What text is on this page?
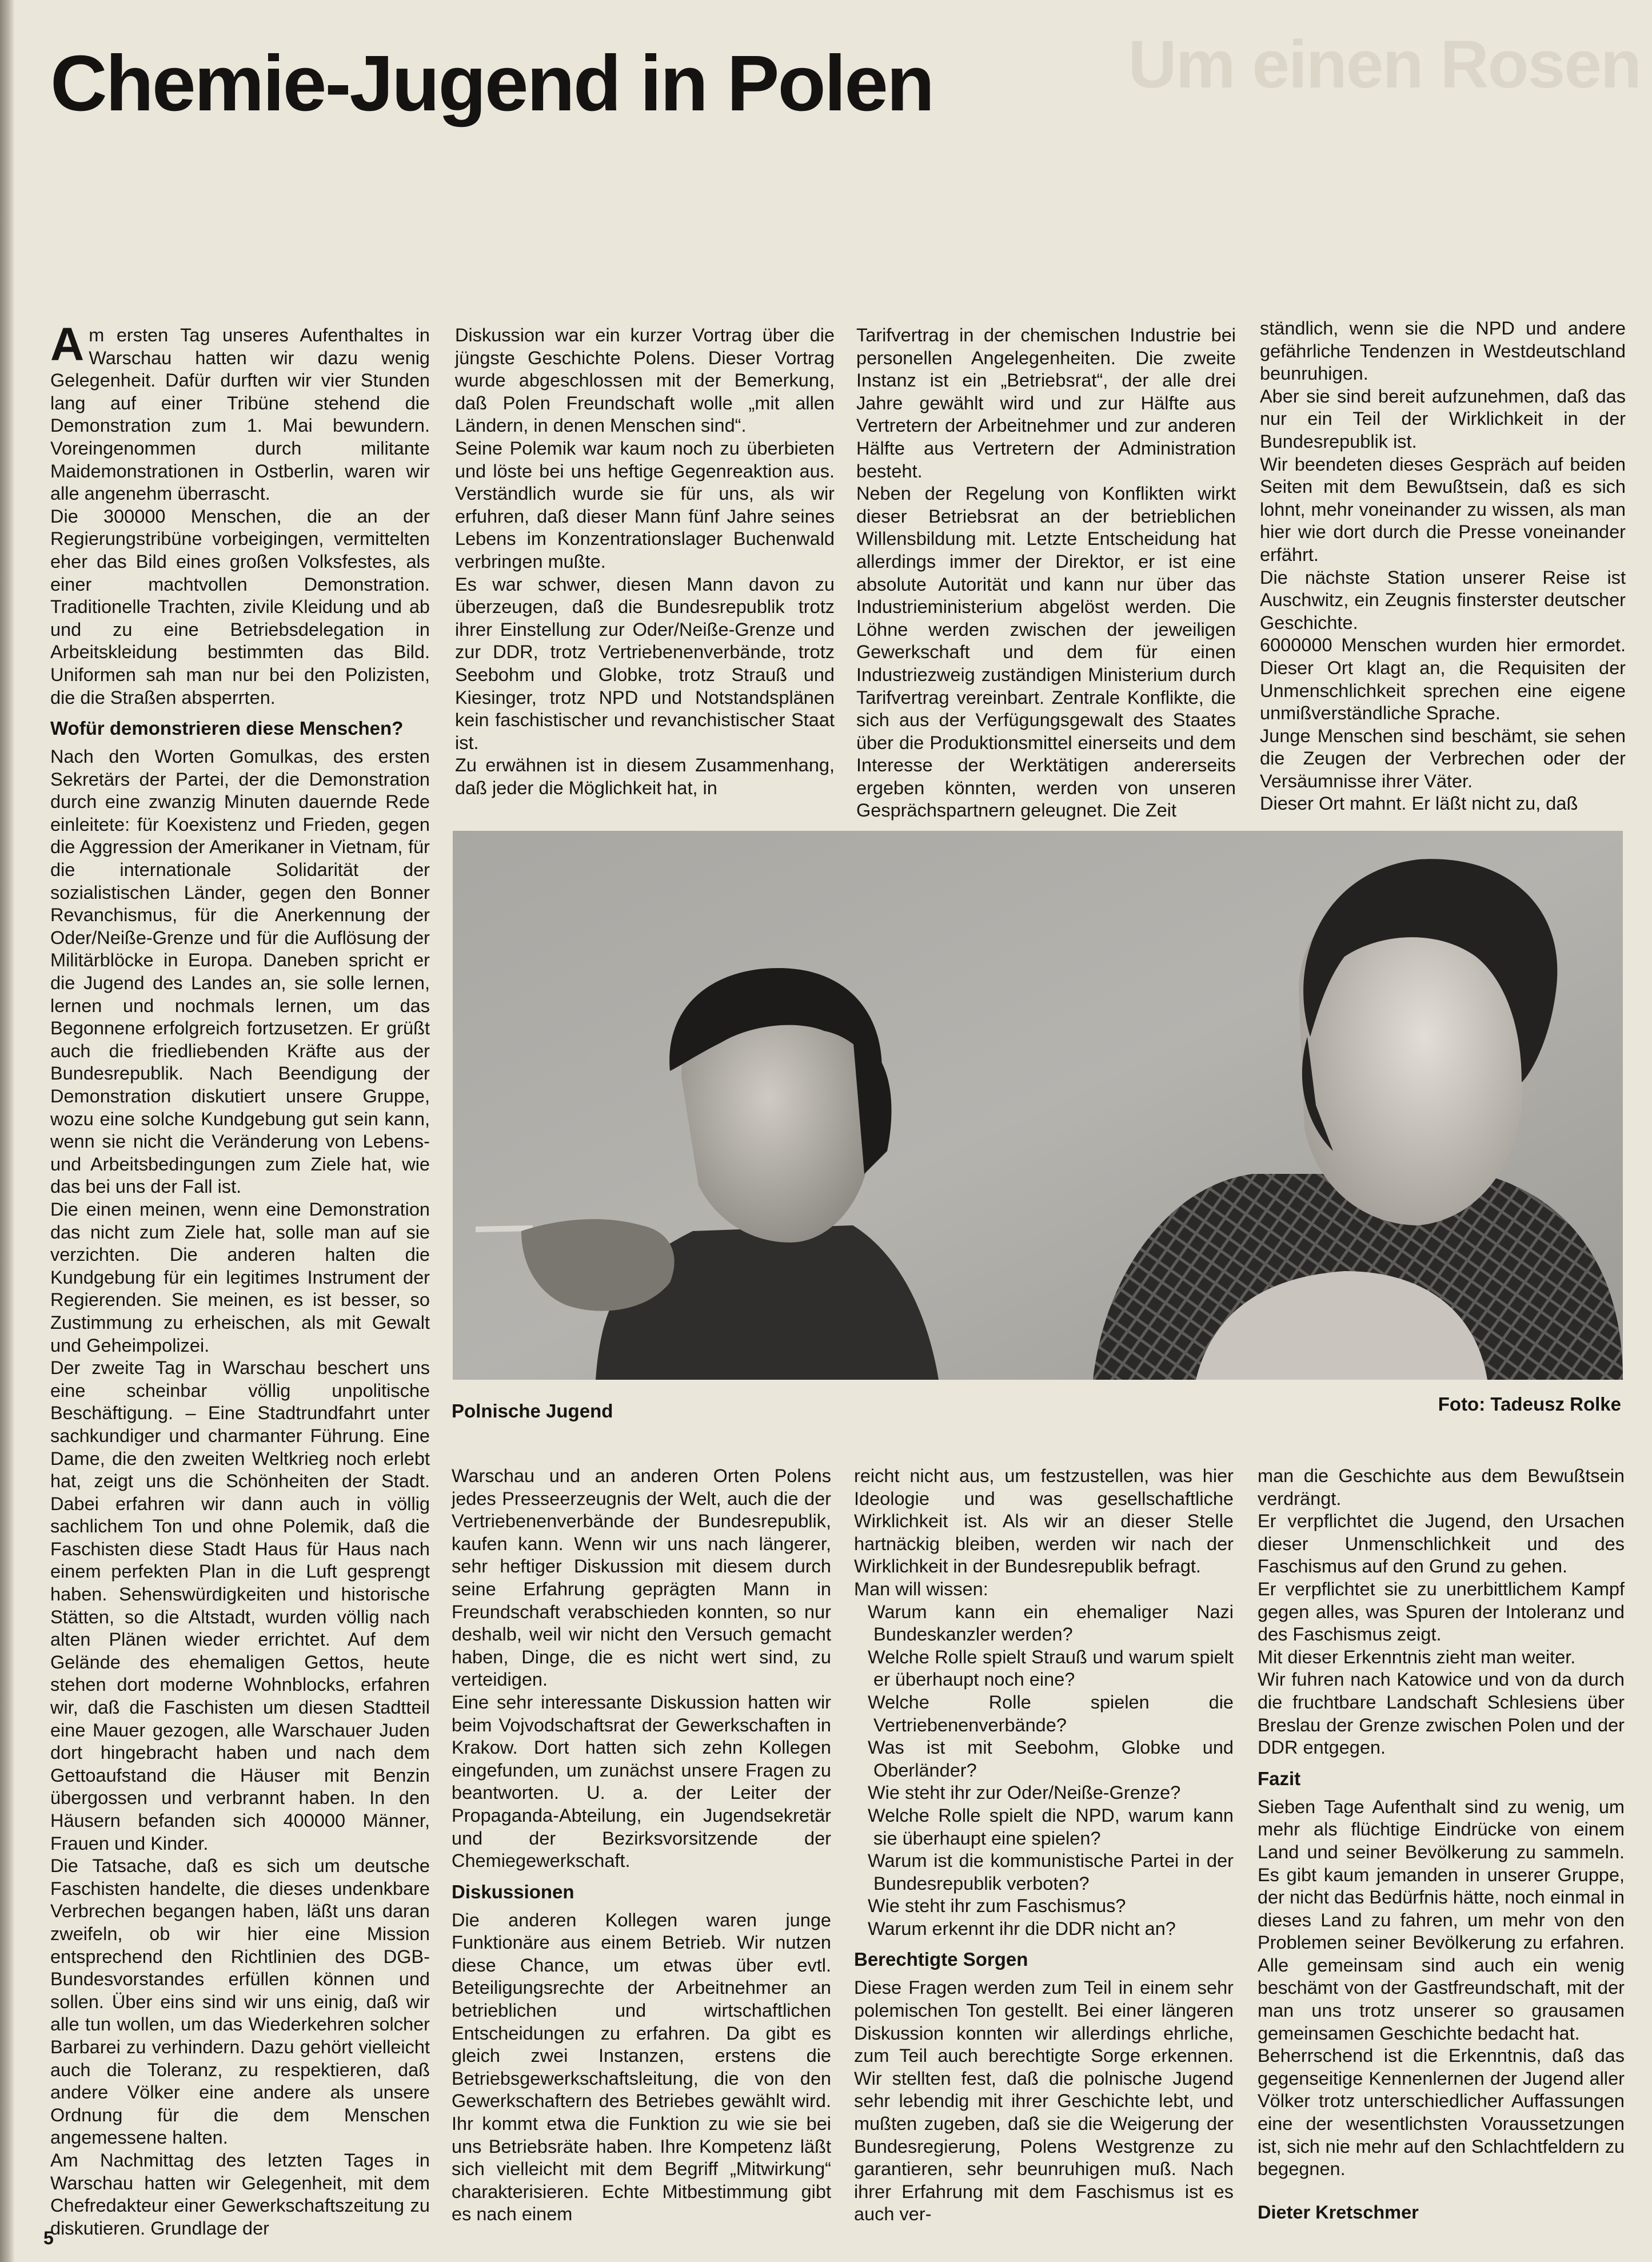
Um einen Rosen
Chemie-Jugend in Polen

Am ersten Tag unseres Aufenthaltes in Warschau hatten wir dazu wenig Gelegenheit. Dafür durften wir vier Stunden lang auf einer Tribüne stehend die Demonstration zum 1. Mai bewundern. Voreingenommen durch militante Maidemonstrationen in Ostberlin, waren wir alle angenehm überrascht.

Die 300000 Menschen, die an der Regierungstribüne vorbeigingen, vermittelten eher das Bild eines großen Volksfestes, als einer machtvollen Demonstration. Traditionelle Trachten, zivile Kleidung und ab und zu eine Betriebsdelegation in Arbeitskleidung bestimmten das Bild. Uniformen sah man nur bei den Polizisten, die die Straßen absperrten.

Wofür demonstrieren diese Menschen?

Nach den Worten Gomulkas, des ersten Sekretärs der Partei, der die Demonstration durch eine zwanzig Minuten dauernde Rede einleitete: für Koexistenz und Frieden, gegen die Aggression der Amerikaner in Vietnam, für die internationale Solidarität der sozialistischen Länder, gegen den Bonner Revanchismus, für die Anerkennung der Oder/Neiße-Grenze und für die Auflösung der Militärblöcke in Europa. Daneben spricht er die Jugend des Landes an, sie solle lernen, lernen und nochmals lernen, um das Begonnene erfolgreich fortzusetzen. Er grüßt auch die friedliebenden Kräfte aus der Bundesrepublik. Nach Beendigung der Demonstration diskutiert unsere Gruppe, wozu eine solche Kundgebung gut sein kann, wenn sie nicht die Veränderung von Lebens- und Arbeitsbedingungen zum Ziele hat, wie das bei uns der Fall ist.

Die einen meinen, wenn eine Demonstration das nicht zum Ziele hat, solle man auf sie verzichten. Die anderen halten die Kundgebung für ein legitimes Instrument der Regierenden. Sie meinen, es ist besser, so Zustimmung zu erheischen, als mit Gewalt und Geheimpolizei.

Der zweite Tag in Warschau beschert uns eine scheinbar völlig unpolitische Beschäftigung. – Eine Stadtrundfahrt unter sachkundiger und charmanter Führung. Eine Dame, die den zweiten Weltkrieg noch erlebt hat, zeigt uns die Schönheiten der Stadt. Dabei erfahren wir dann auch in völlig sachlichem Ton und ohne Polemik, daß die Faschisten diese Stadt Haus für Haus nach einem perfekten Plan in die Luft gesprengt haben. Sehenswürdigkeiten und historische Stätten, so die Altstadt, wurden völlig nach alten Plänen wieder errichtet. Auf dem Gelände des ehemaligen Gettos, heute stehen dort moderne Wohnblocks, erfahren wir, daß die Faschisten um diesen Stadtteil eine Mauer gezogen, alle Warschauer Juden dort hingebracht haben und nach dem Gettoaufstand die Häuser mit Benzin übergossen und verbrannt haben. In den Häusern befanden sich 400000 Männer, Frauen und Kinder.

Die Tatsache, daß es sich um deutsche Faschisten handelte, die dieses undenkbare Verbrechen begangen haben, läßt uns daran zweifeln, ob wir hier eine Mission entsprechend den Richtlinien des DGB-Bundesvorstandes erfüllen können und sollen. Über eins sind wir uns einig, daß wir alle tun wollen, um das Wiederkehren solcher Barbarei zu verhindern. Dazu gehört vielleicht auch die Toleranz, zu respektieren, daß andere Völker eine andere als unsere Ordnung für die dem Menschen angemessene halten.

Am Nachmittag des letzten Tages in Warschau hatten wir Gelegenheit, mit dem Chefredakteur einer Gewerkschaftszeitung zu diskutieren. Grundlage der

Diskussion war ein kurzer Vortrag über die jüngste Geschichte Polens. Dieser Vortrag wurde abgeschlossen mit der Bemerkung, daß Polen Freundschaft wolle „mit allen Ländern, in denen Menschen sind“.

Seine Polemik war kaum noch zu überbieten und löste bei uns heftige Gegenreaktion aus. Verständlich wurde sie für uns, als wir erfuhren, daß dieser Mann fünf Jahre seines Lebens im Konzentrationslager Buchenwald verbringen mußte.

Es war schwer, diesen Mann davon zu überzeugen, daß die Bundesrepublik trotz ihrer Einstellung zur Oder/Neiße-Grenze und zur DDR, trotz Vertriebenenverbände, trotz Seebohm und Globke, trotz Strauß und Kiesinger, trotz NPD und Notstandsplänen kein faschistischer und revanchistischer Staat ist.

Zu erwähnen ist in diesem Zusammenhang, daß jeder die Möglichkeit hat, in

Tarifvertrag in der chemischen Industrie bei personellen Angelegenheiten. Die zweite Instanz ist ein „Betriebsrat“, der alle drei Jahre gewählt wird und zur Hälfte aus Vertretern der Arbeitnehmer und zur anderen Hälfte aus Vertretern der Administration besteht.

Neben der Regelung von Konflikten wirkt dieser Betriebsrat an der betrieblichen Willensbildung mit. Letzte Entscheidung hat allerdings immer der Direktor, er ist eine absolute Autorität und kann nur über das Industrieministerium abgelöst werden. Die Löhne werden zwischen der jeweiligen Gewerkschaft und dem für einen Industriezweig zuständigen Ministerium durch Tarifvertrag vereinbart. Zentrale Konflikte, die sich aus der Verfügungsgewalt des Staates über die Produktionsmittel einerseits und dem Interesse der Werktätigen andererseits ergeben könnten, werden von unseren Gesprächspartnern geleugnet. Die Zeit

ständlich, wenn sie die NPD und andere gefährliche Tendenzen in Westdeutschland beunruhigen.

Aber sie sind bereit aufzunehmen, daß das nur ein Teil der Wirklichkeit in der Bundesrepublik ist.

Wir beendeten dieses Gespräch auf beiden Seiten mit dem Bewußtsein, daß es sich lohnt, mehr voneinander zu wissen, als man hier wie dort durch die Presse voneinander erfährt.

Die nächste Station unserer Reise ist Auschwitz, ein Zeugnis finsterster deutscher Geschichte.

6000000 Menschen wurden hier ermordet. Dieser Ort klagt an, die Requisiten der Unmenschlichkeit sprechen eine eigene unmißverständliche Sprache.

Junge Menschen sind beschämt, sie sehen die Zeugen der Verbrechen oder der Versäumnisse ihrer Väter.

Dieser Ort mahnt. Er läßt nicht zu, daß

Polnische Jugend	Foto: Tadeusz Rolke

Warschau und an anderen Orten Polens jedes Presseerzeugnis der Welt, auch die der Vertriebenenverbände der Bundesrepublik, kaufen kann. Wenn wir uns nach längerer, sehr heftiger Diskussion mit diesem durch seine Erfahrung geprägten Mann in Freundschaft verabschieden konnten, so nur deshalb, weil wir nicht den Versuch gemacht haben, Dinge, die es nicht wert sind, zu verteidigen.

Eine sehr interessante Diskussion hatten wir beim Vojvodschaftsrat der Gewerkschaften in Krakow. Dort hatten sich zehn Kollegen eingefunden, um zunächst unsere Fragen zu beantworten. U. a. der Leiter der Propaganda-Abteilung, ein Jugendsekretär und der Bezirksvorsitzende der Chemiegewerkschaft.

Diskussionen

Die anderen Kollegen waren junge Funktionäre aus einem Betrieb. Wir nutzen diese Chance, um etwas über evtl. Beteiligungsrechte der Arbeitnehmer an betrieblichen und wirtschaftlichen Entscheidungen zu erfahren. Da gibt es gleich zwei Instanzen, erstens die Betriebsgewerkschaftsleitung, die von den Gewerkschaftern des Betriebes gewählt wird. Ihr kommt etwa die Funktion zu wie sie bei uns Betriebsräte haben. Ihre Kompetenz läßt sich vielleicht mit dem Begriff „Mitwirkung“ charakterisieren. Echte Mitbestimmung gibt es nach einem

reicht nicht aus, um festzustellen, was hier Ideologie und was gesellschaftliche Wirklichkeit ist. Als wir an dieser Stelle hartnäckig bleiben, werden wir nach der Wirklichkeit in der Bundesrepublik befragt.

Man will wissen:

Warum kann ein ehemaliger Nazi Bundeskanzler werden?

Welche Rolle spielt Strauß und warum spielt er überhaupt noch eine?

Welche Rolle spielen die Vertriebenenverbände?

Was ist mit Seebohm, Globke und Oberländer?

Wie steht ihr zur Oder/Neiße-Grenze?

Welche Rolle spielt die NPD, warum kann sie überhaupt eine spielen?

Warum ist die kommunistische Partei in der Bundesrepublik verboten?

Wie steht ihr zum Faschismus?

Warum erkennt ihr die DDR nicht an?

Berechtigte Sorgen

Diese Fragen werden zum Teil in einem sehr polemischen Ton gestellt. Bei einer längeren Diskussion konnten wir allerdings ehrliche, zum Teil auch berechtigte Sorge erkennen. Wir stellten fest, daß die polnische Jugend sehr lebendig mit ihrer Geschichte lebt, und mußten zugeben, daß sie die Weigerung der Bundesregierung, Polens Westgrenze zu garantieren, sehr beunruhigen muß. Nach ihrer Erfahrung mit dem Faschismus ist es auch ver-

man die Geschichte aus dem Bewußtsein verdrängt.

Er verpflichtet die Jugend, den Ursachen dieser Unmenschlichkeit und des Faschismus auf den Grund zu gehen.

Er verpflichtet sie zu unerbittlichem Kampf gegen alles, was Spuren der Intoleranz und des Faschismus zeigt.

Mit dieser Erkenntnis zieht man weiter.

Wir fuhren nach Katowice und von da durch die fruchtbare Landschaft Schlesiens über Breslau der Grenze zwischen Polen und der DDR entgegen.

Fazit

Sieben Tage Aufenthalt sind zu wenig, um mehr als flüchtige Eindrücke von einem Land und seiner Bevölkerung zu sammeln. Es gibt kaum jemanden in unserer Gruppe, der nicht das Bedürfnis hätte, noch einmal in dieses Land zu fahren, um mehr von den Problemen seiner Bevölkerung zu erfahren. Alle gemeinsam sind auch ein wenig beschämt von der Gastfreundschaft, mit der man uns trotz unserer so grausamen gemeinsamen Geschichte bedacht hat.

Beherrschend ist die Erkenntnis, daß das gegenseitige Kennenlernen der Jugend aller Völker trotz unterschiedlicher Auffassungen eine der wesentlichsten Voraussetzungen ist, sich nie mehr auf den Schlachtfeldern zu begegnen.

Dieter Kretschmer

5
